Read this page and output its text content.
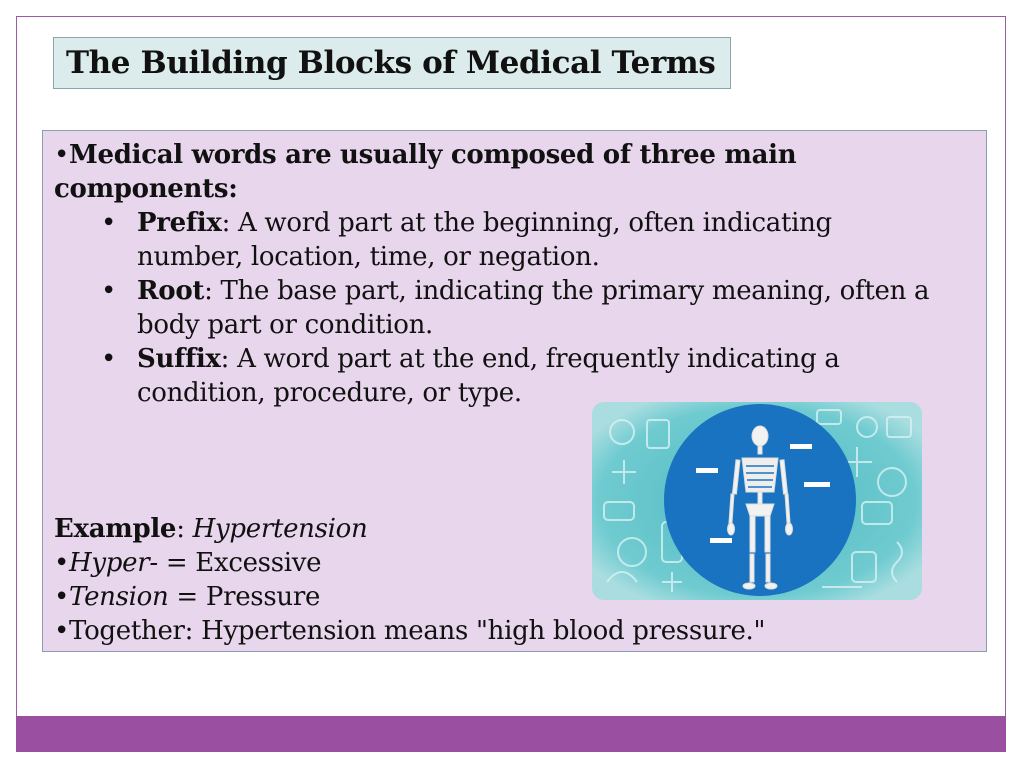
The Building Blocks of Medical Terms
•Medical words are usually composed of three main
components:
• Prefix: A word part at the beginning, often indicating
number, location, time, or negation.
• Root: The base part, indicating the primary meaning, often a
body part or condition.
• Suffix: A word part at the end, frequently indicating a
condition, procedure, or type.
Example: Hypertension
•Hyper- = Excessive
•Tension = Pressure
•Together: Hypertension means "high blood pressure."
